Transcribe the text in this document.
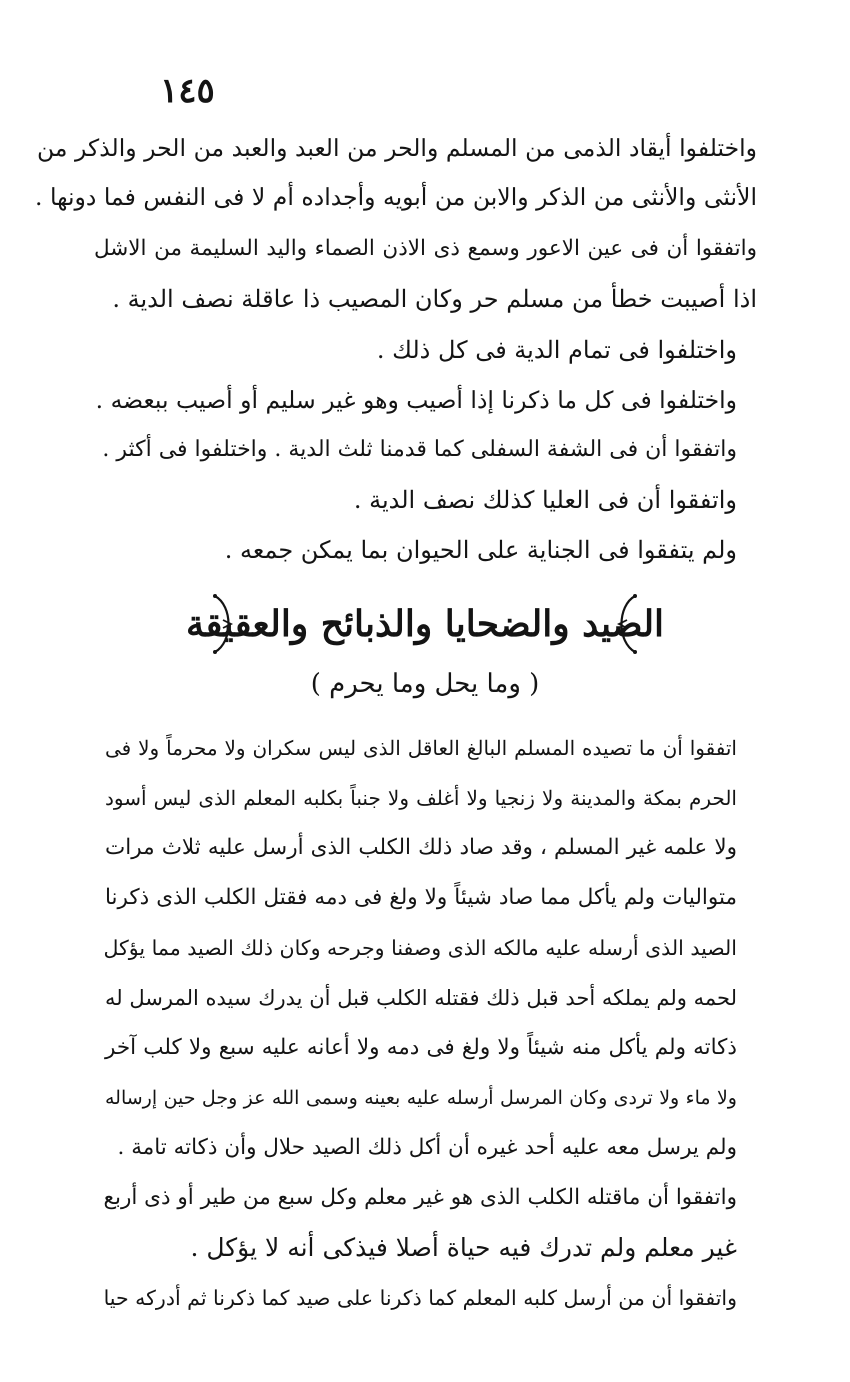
١٤٥
واختلفوا أيقاد الذمى من المسلم والحر من العبد والعبد من الحر والذكر من
الأنثى والأنثى من الذكر والابن من أبويه وأجداده أم لا فى النفس فما دونها .
واتفقوا أن فى عين الاعور وسمع ذى الاذن الصماء واليد السليمة من الاشل
اذا أصيبت خطأ من مسلم حر وكان المصيب ذا عاقلة نصف الدية .
واختلفوا فى تمام الدية فى كل ذلك .
واختلفوا فى كل ما ذكرنا إذا أصيب وهو غير سليم أو أصيب ببعضه .
واتفقوا أن فى الشفة السفلى كما قدمنا ثلث الدية . واختلفوا فى أكثر .
واتفقوا أن فى العليا كذلك نصف الدية .
ولم يتفقوا فى الجناية على الحيوان بما يمكن جمعه .
الصيد والضحايا والذبائح والعقيقة
( وما يحل وما يحرم )
اتفقوا أن ما تصيده المسلم البالغ العاقل الذى ليس سكران ولا محرماً ولا فى
الحرم بمكة والمدينة ولا زنجيا ولا أغلف ولا جنباً بكلبه المعلم الذى ليس أسود
ولا علمه غير المسلم ، وقد صاد ذلك الكلب الذى أرسل عليه ثلاث مرات
متواليات ولم يأكل مما صاد شيئاً ولا ولغ فى دمه فقتل الكلب الذى ذكرنا
الصيد الذى أرسله عليه مالكه الذى وصفنا وجرحه وكان ذلك الصيد مما يؤكل
لحمه ولم يملكه أحد قبل ذلك فقتله الكلب قبل أن يدرك سيده المرسل له
ذكاته ولم يأكل منه شيئاً ولا ولغ فى دمه ولا أعانه عليه سبع ولا كلب آخر
ولا ماء ولا تردى وكان المرسل أرسله عليه بعينه وسمى الله عز وجل حين إرساله
ولم يرسل معه عليه أحد غيره أن أكل ذلك الصيد حلال وأن ذكاته تامة .
واتفقوا أن ماقتله الكلب الذى هو غير معلم وكل سبع من طير أو ذى أربع
غير معلم ولم تدرك فيه حياة أصلا فيذكى أنه لا يؤكل .
واتفقوا أن من أرسل كلبه المعلم كما ذكرنا على صيد كما ذكرنا ثم أدركه حيا
